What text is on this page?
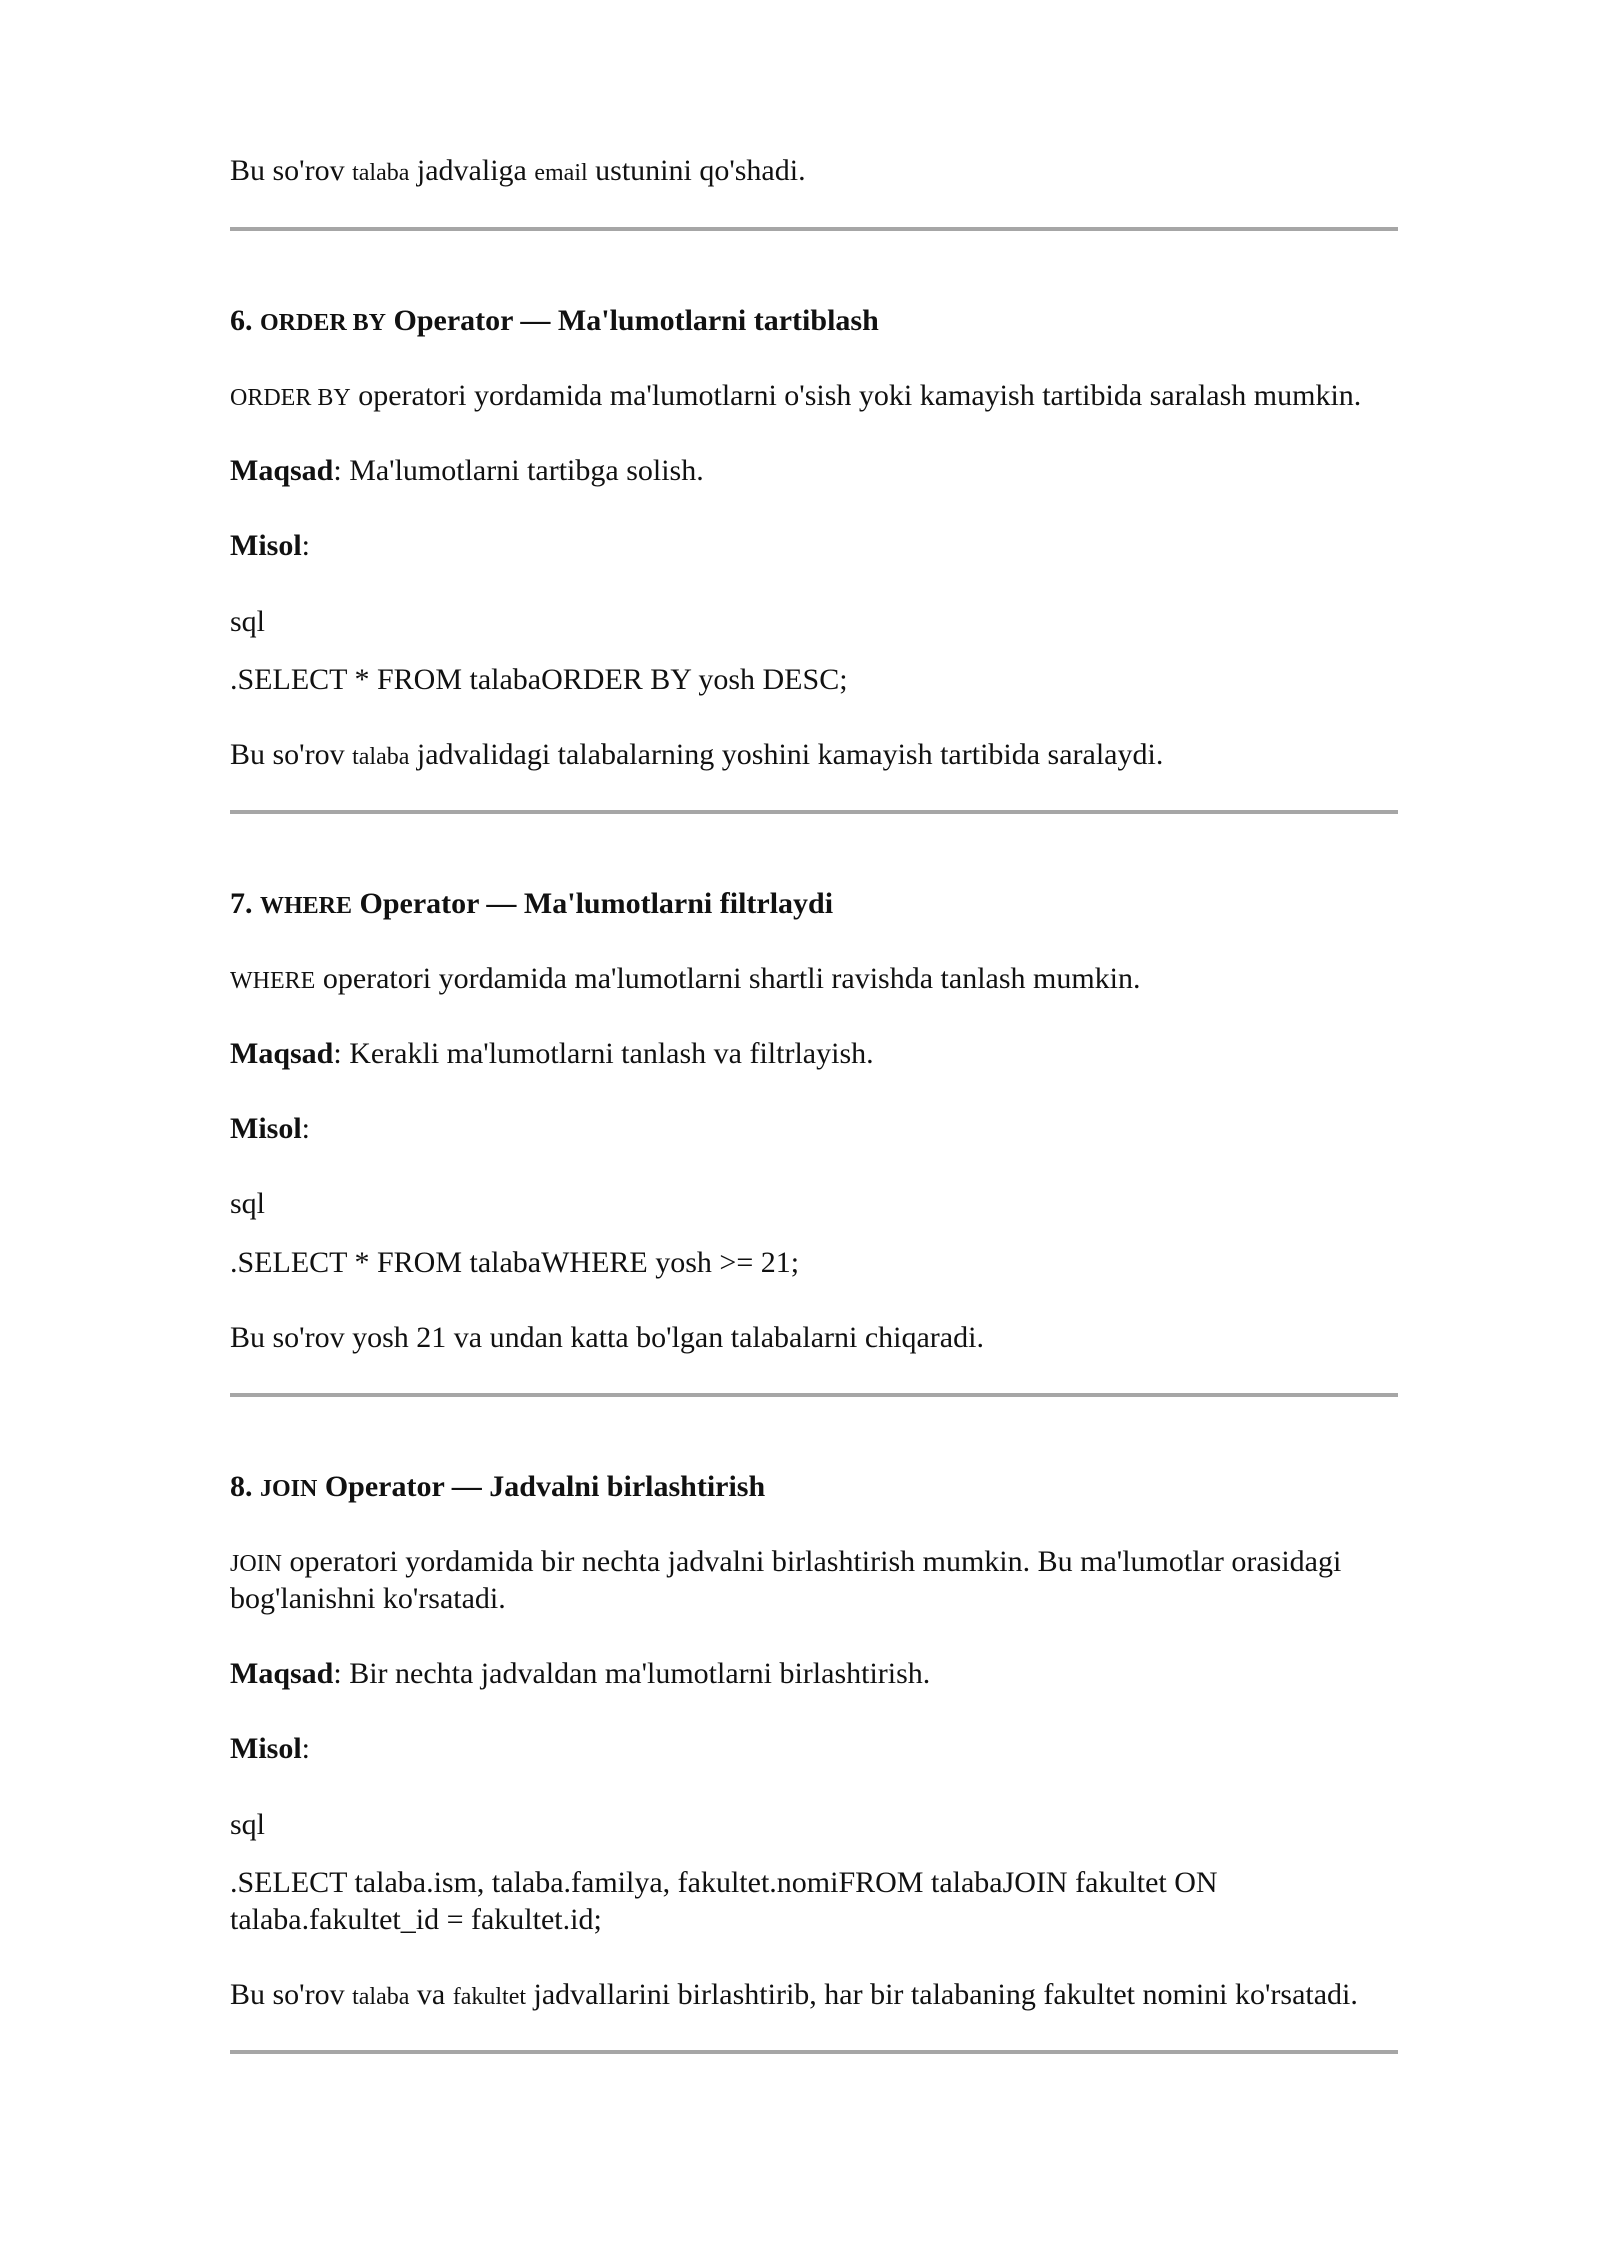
Bu so'rov talaba jadvaliga email ustunini qo'shadi.
6. ORDER BY Operator — Ma'lumotlarni tartiblash
ORDER BY operatori yordamida ma'lumotlarni o'sish yoki kamayish tartibida saralash mumkin.
Maqsad: Ma'lumotlarni tartibga solish.
Misol:
sql
.SELECT * FROM talabaORDER BY yosh DESC;
Bu so'rov talaba jadvalidagi talabalarning yoshini kamayish tartibida saralaydi.
7. WHERE Operator — Ma'lumotlarni filtrlaydi
WHERE operatori yordamida ma'lumotlarni shartli ravishda tanlash mumkin.
Maqsad: Kerakli ma'lumotlarni tanlash va filtrlayish.
Misol:
sql
.SELECT * FROM talabaWHERE yosh >= 21;
Bu so'rov yosh 21 va undan katta bo'lgan talabalarni chiqaradi.
8. JOIN Operator — Jadvalni birlashtirish
JOIN operatori yordamida bir nechta jadvalni birlashtirish mumkin. Bu ma'lumotlar orasidagi
bog'lanishni ko'rsatadi.
Maqsad: Bir nechta jadvaldan ma'lumotlarni birlashtirish.
Misol:
sql
.SELECT talaba.ism, talaba.familya, fakultet.nomiFROM talabaJOIN fakultet ON
talaba.fakultet_id = fakultet.id;
Bu so'rov talaba va fakultet jadvallarini birlashtirib, har bir talabaning fakultet nomini ko'rsatadi.
